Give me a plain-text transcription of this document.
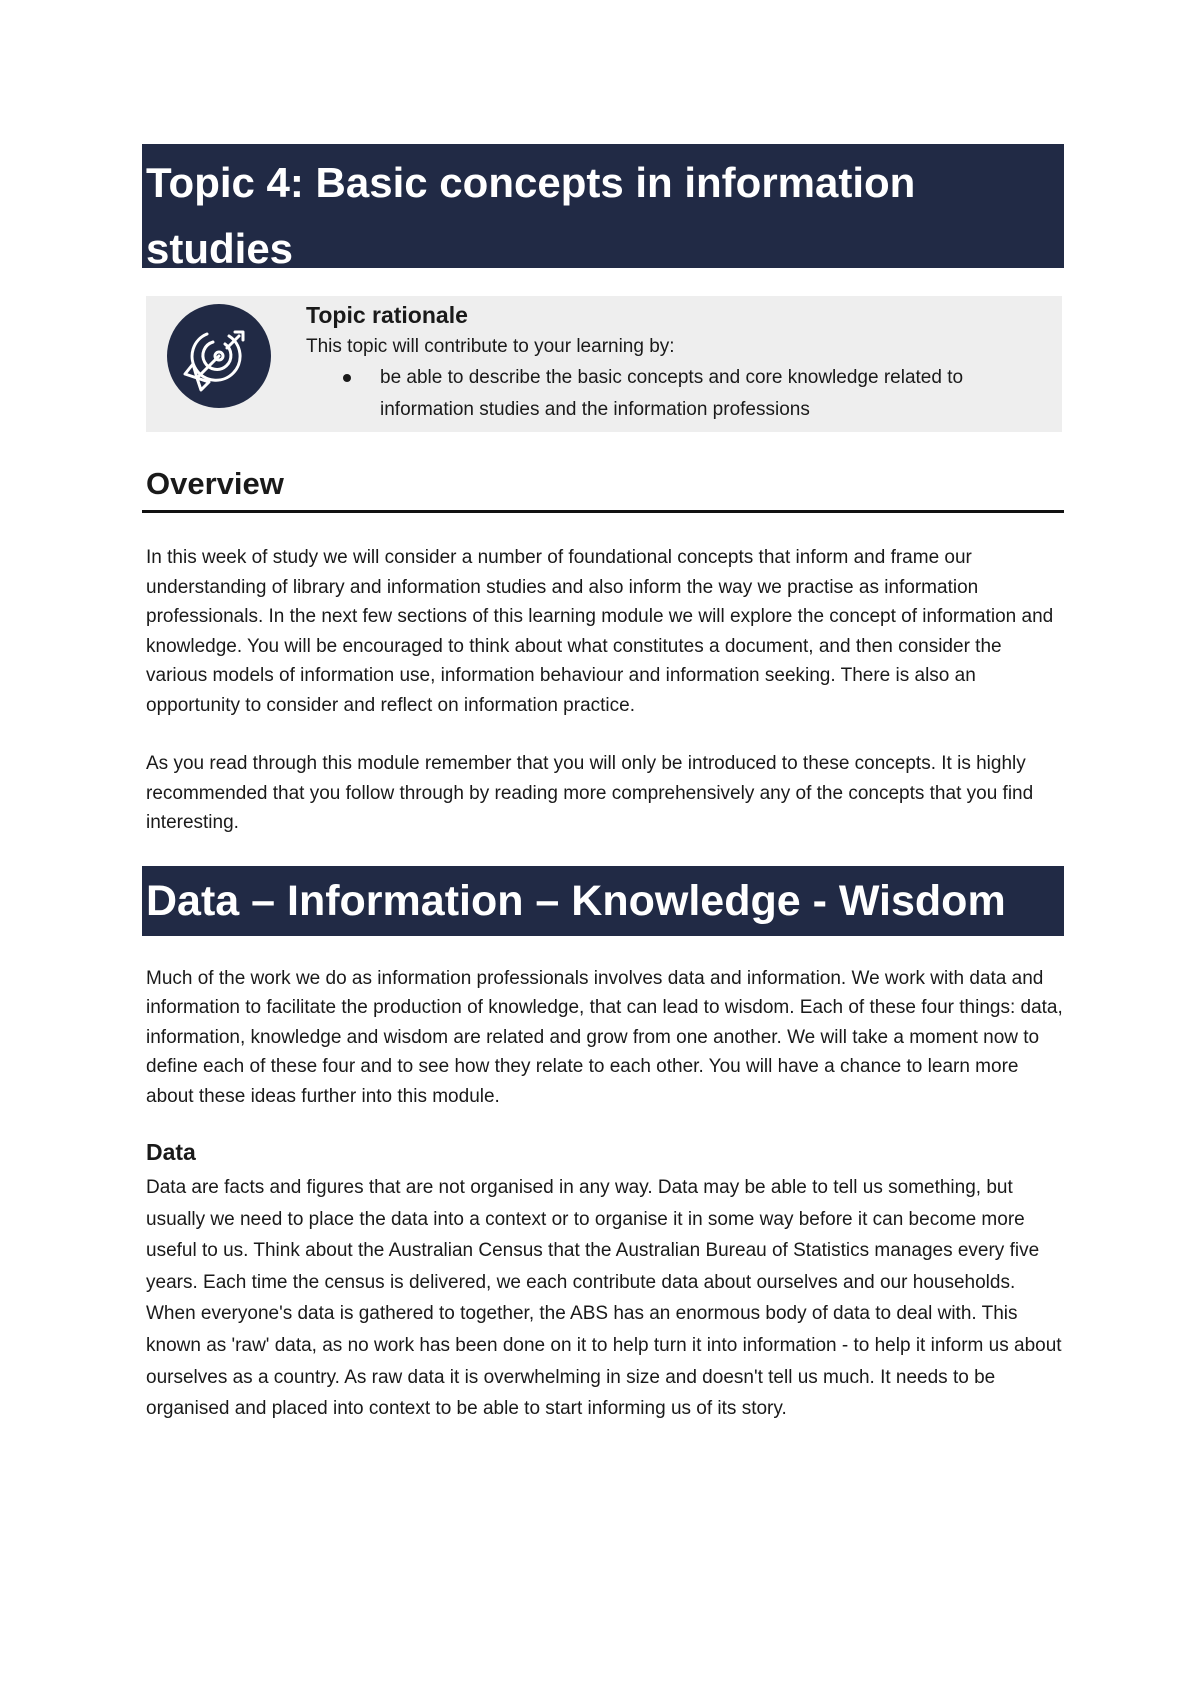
Topic 4: Basic concepts in information studies
Topic rationale
This topic will contribute to your learning by:
be able to describe the basic concepts and core knowledge related to information studies and the information professions
Overview

In this week of study we will consider a number of foundational concepts that inform and frame our understanding of library and information studies and also inform the way we practise as information professionals. In the next few sections of this learning module we will explore the concept of information and knowledge. You will be encouraged to think about what constitutes a document, and then consider the various models of information use, information behaviour and information seeking. There is also an opportunity to consider and reflect on information practice.

As you read through this module remember that you will only be introduced to these concepts. It is highly recommended that you follow through by reading more comprehensively any of the concepts that you find interesting.

Data – Information – Knowledge - Wisdom

Much of the work we do as information professionals involves data and information. We work with data and information to facilitate the production of knowledge, that can lead to wisdom. Each of these four things: data, information, knowledge and wisdom are related and grow from one another. We will take a moment now to define each of these four and to see how they relate to each other. You will have a chance to learn more about these ideas further into this module.

Data

Data are facts and figures that are not organised in any way. Data may be able to tell us something, but usually we need to place the data into a context or to organise it in some way before it can become more useful to us. Think about the Australian Census that the Australian Bureau of Statistics manages every five years. Each time the census is delivered, we each contribute data about ourselves and our households. When everyone's data is gathered to together, the ABS has an enormous body of data to deal with. This known as 'raw' data, as no work has been done on it to help turn it into information - to help it inform us about ourselves as a country. As raw data it is overwhelming in size and doesn't tell us much. It needs to be organised and placed into context to be able to start informing us of its story.
